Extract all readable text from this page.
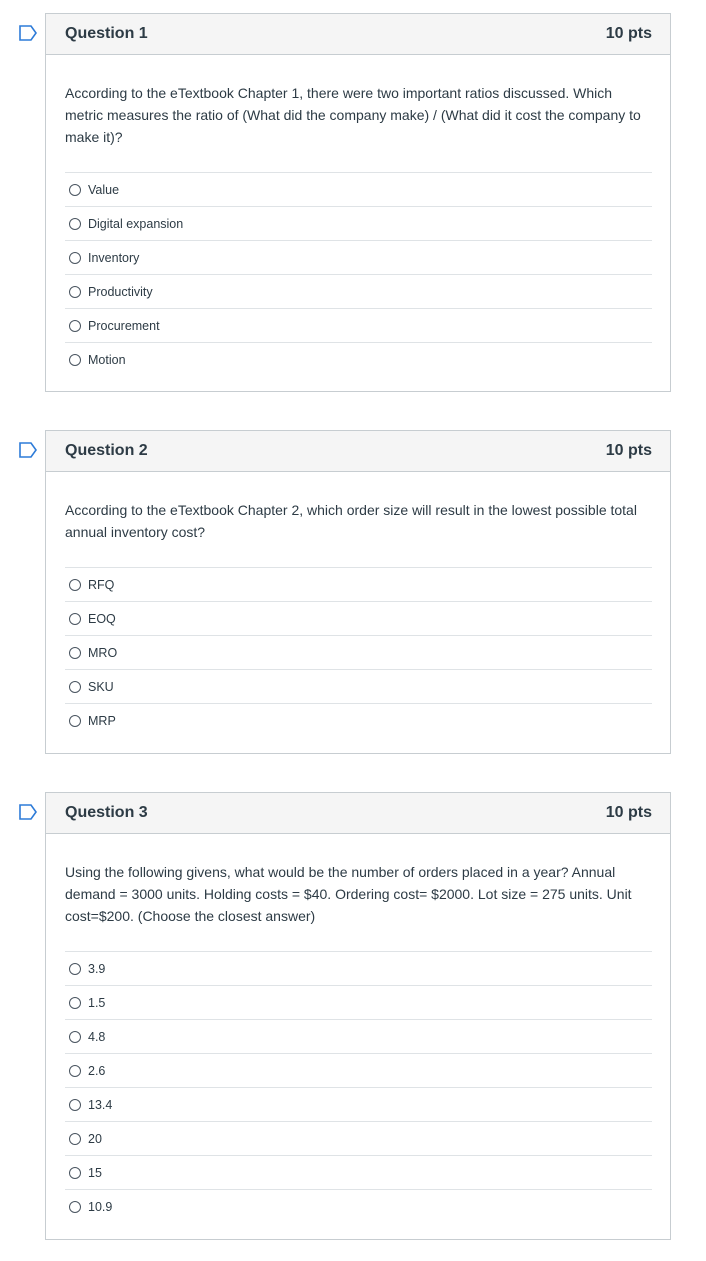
Question 1	10 pts

According to the eTextbook Chapter 1, there were two important ratios discussed. Which metric measures the ratio of (What did the company make) / (What did it cost the company to make it)?

Value
Digital expansion
Inventory
Productivity
Procurement
Motion
Question 2	10 pts

According to the eTextbook Chapter 2, which order size will result in the lowest possible total annual inventory cost?

RFQ
EOQ
MRO
SKU
MRP
Question 3	10 pts

Using the following givens, what would be the number of orders placed in a year? Annual demand = 3000 units. Holding costs = $40. Ordering cost= $2000. Lot size = 275 units. Unit cost=$200. (Choose the closest answer)

3.9
1.5
4.8
2.6
13.4
20
15
10.9
